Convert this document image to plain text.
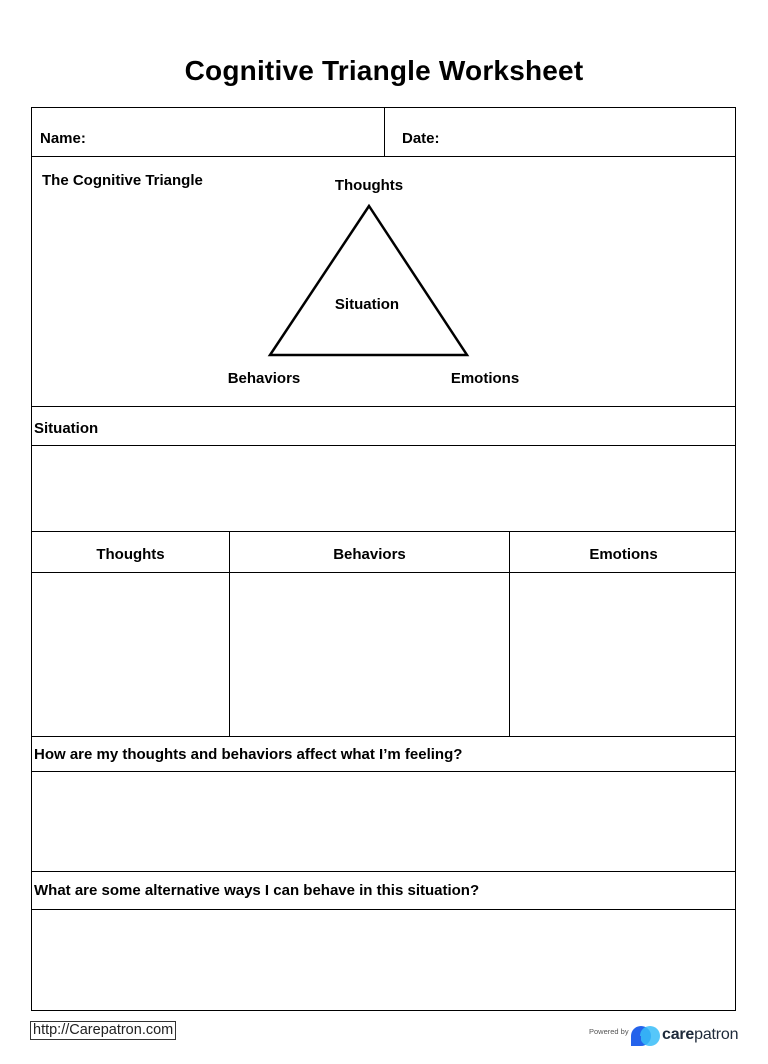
Cognitive Triangle Worksheet
Name:	Date:
The Cognitive Triangle	Thoughts
Situation
Behaviors	Emotions
Situation
Thoughts	Behaviors	Emotions
How are my thoughts and behaviors affect what I’m feeling?
What are some alternative ways I can behave in this situation?
http://Carepatron.com	Powered by carepatron
